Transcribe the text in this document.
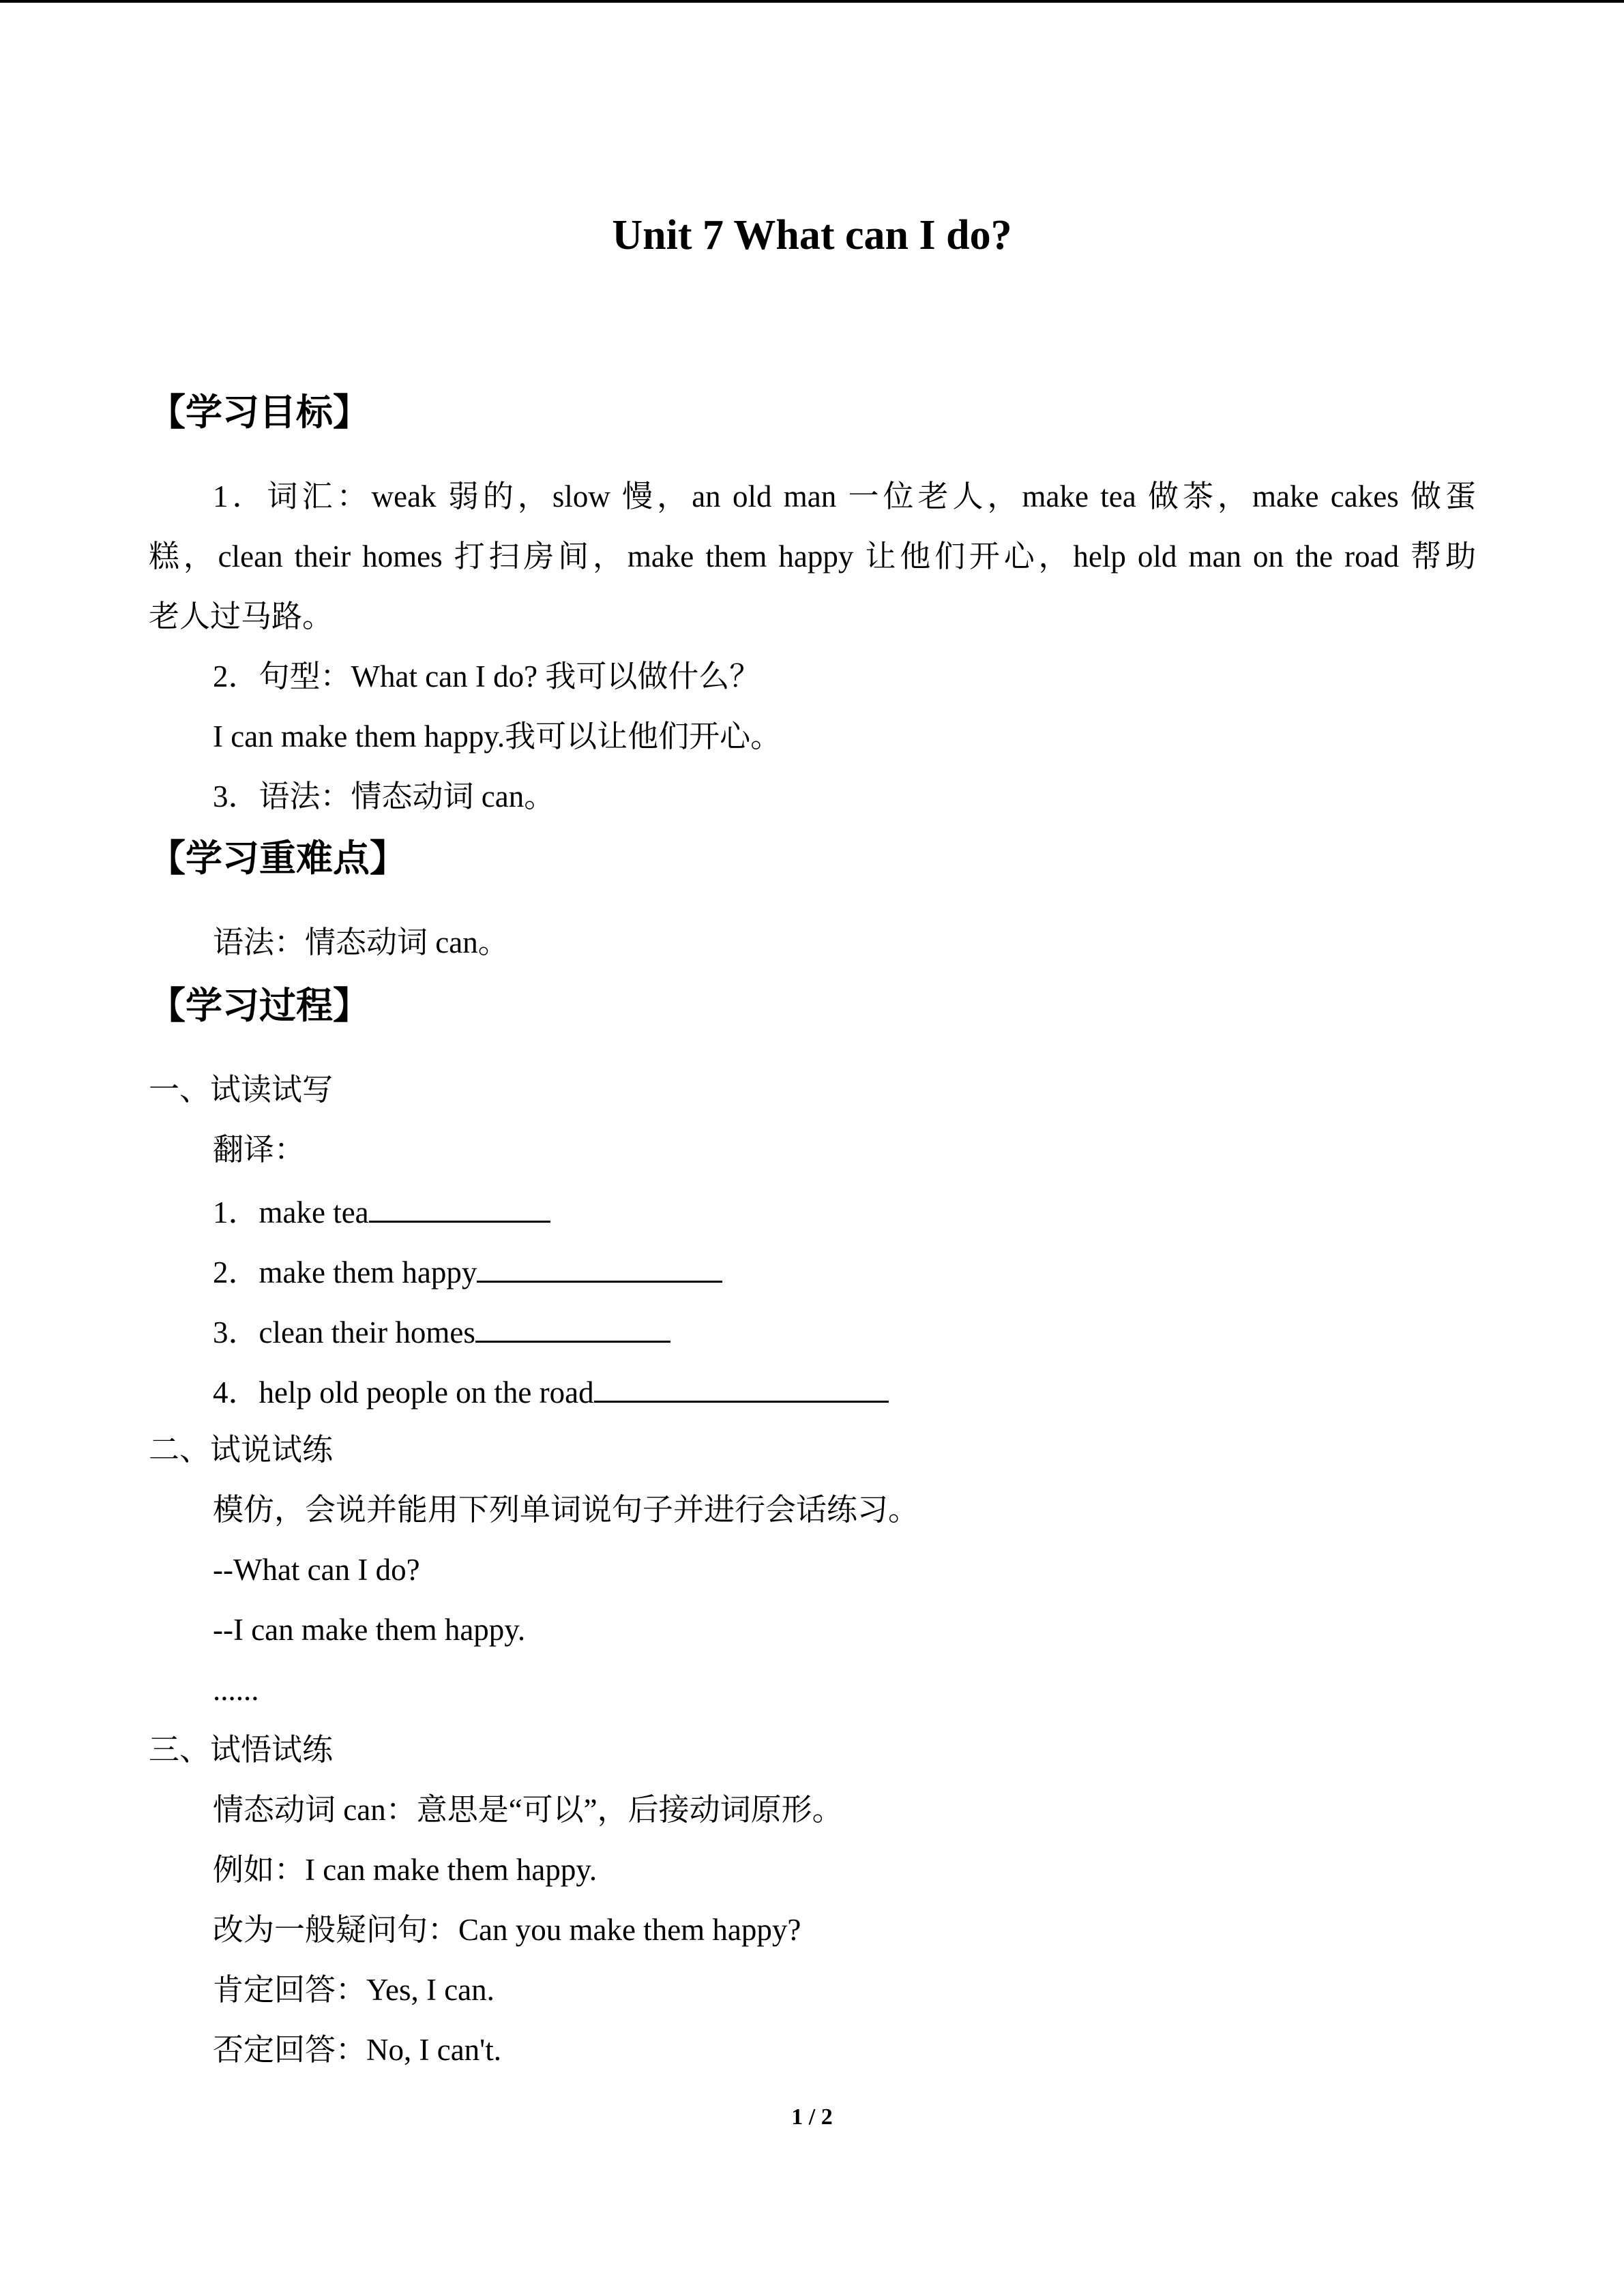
Unit 7 What can I do?
【学习目标】
1．词汇：weak 弱的，slow 慢，an old man 一位老人，make tea 做茶，make cakes 做蛋
糕，clean their homes 打扫房间，make them happy 让他们开心，help old man on the road 帮助
老人过马路。
2．句型：What can I do? 我可以做什么？
I can make them happy.我可以让他们开心。
3．语法：情态动词 can。
【学习重难点】
语法：情态动词 can。
【学习过程】
一、试读试写
翻译：
1．make tea
2．make them happy
3．clean their homes
4．help old people on the road
二、试说试练
模仿，会说并能用下列单词说句子并进行会话练习。
--What can I do?
--I can make them happy.
......
三、试悟试练
情态动词 can：意思是“可以”，后接动词原形。
例如：I can make them happy.
改为一般疑问句：Can you make them happy?
肯定回答：Yes, I can.
否定回答：No, I can't.
1 / 2
